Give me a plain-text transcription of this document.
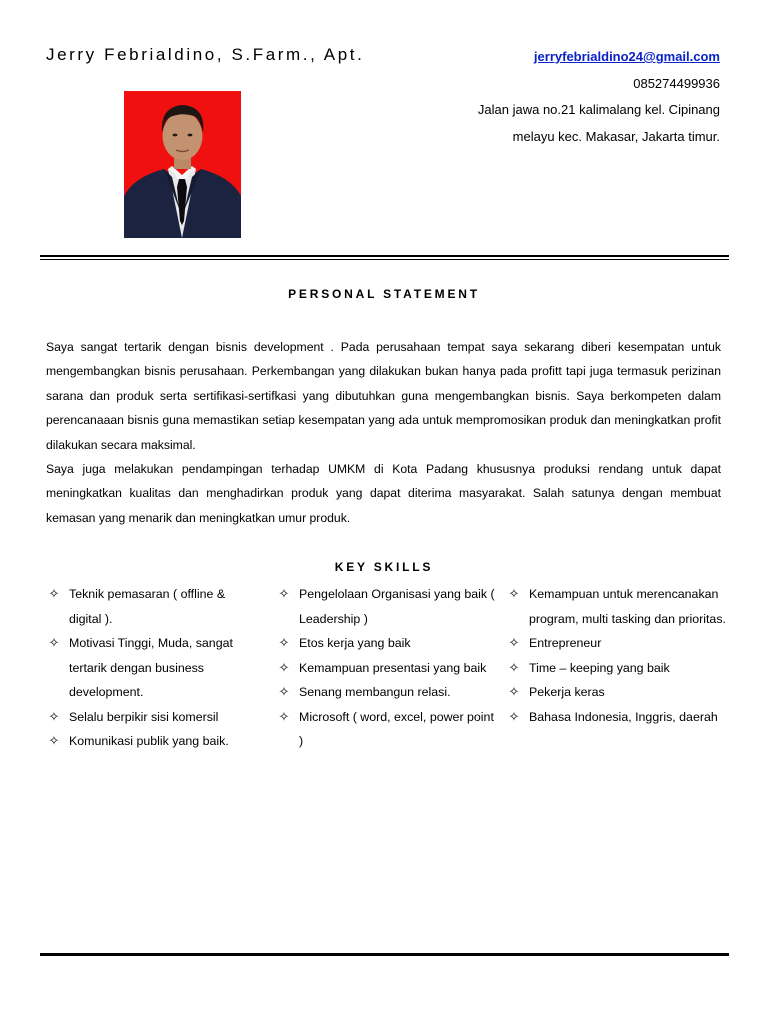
Jerry Febrialdino, S.Farm., Apt.	jerryfebrialdino24@gmail.com
085274499936
Jalan jawa no.21 kalimalang kel. Cipinang
melayu kec. Makasar, Jakarta timur.
PERSONAL STATEMENT

Saya sangat tertarik dengan bisnis development . Pada perusahaan tempat saya sekarang diberi kesempatan untuk mengembangkan bisnis perusahaan. Perkembangan yang dilakukan bukan hanya pada profitt tapi juga termasuk perizinan sarana dan produk serta sertifikasi-sertifkasi yang dibutuhkan guna mengembangkan bisnis. Saya berkompeten dalam perencanaaan bisnis guna memastikan setiap kesempatan yang ada untuk mempromosikan produk dan meningkatkan profit dilakukan secara maksimal.

Saya juga melakukan pendampingan terhadap UMKM di Kota Padang khususnya produksi rendang untuk dapat meningkatkan kualitas dan menghadirkan produk yang dapat diterima masyarakat. Salah satunya dengan membuat kemasan yang menarik dan meningkatkan umur produk.

KEY SKILLS
✧ Teknik pemasaran ( offline & digital ).
✧ Motivasi Tinggi, Muda, sangat tertarik dengan business development.
✧ Selalu berpikir sisi komersil
✧ Komunikasi publik yang baik.
✧ Pengelolaan Organisasi yang baik ( Leadership )
✧ Etos kerja yang baik
✧ Kemampuan presentasi yang baik
✧ Senang membangun relasi.
✧ Microsoft ( word, excel, power point )
✧ Kemampuan untuk merencanakan program, multi tasking dan prioritas.
✧ Entrepreneur
✧ Time – keeping yang baik
✧ Pekerja keras
✧ Bahasa Indonesia, Inggris, daerah
